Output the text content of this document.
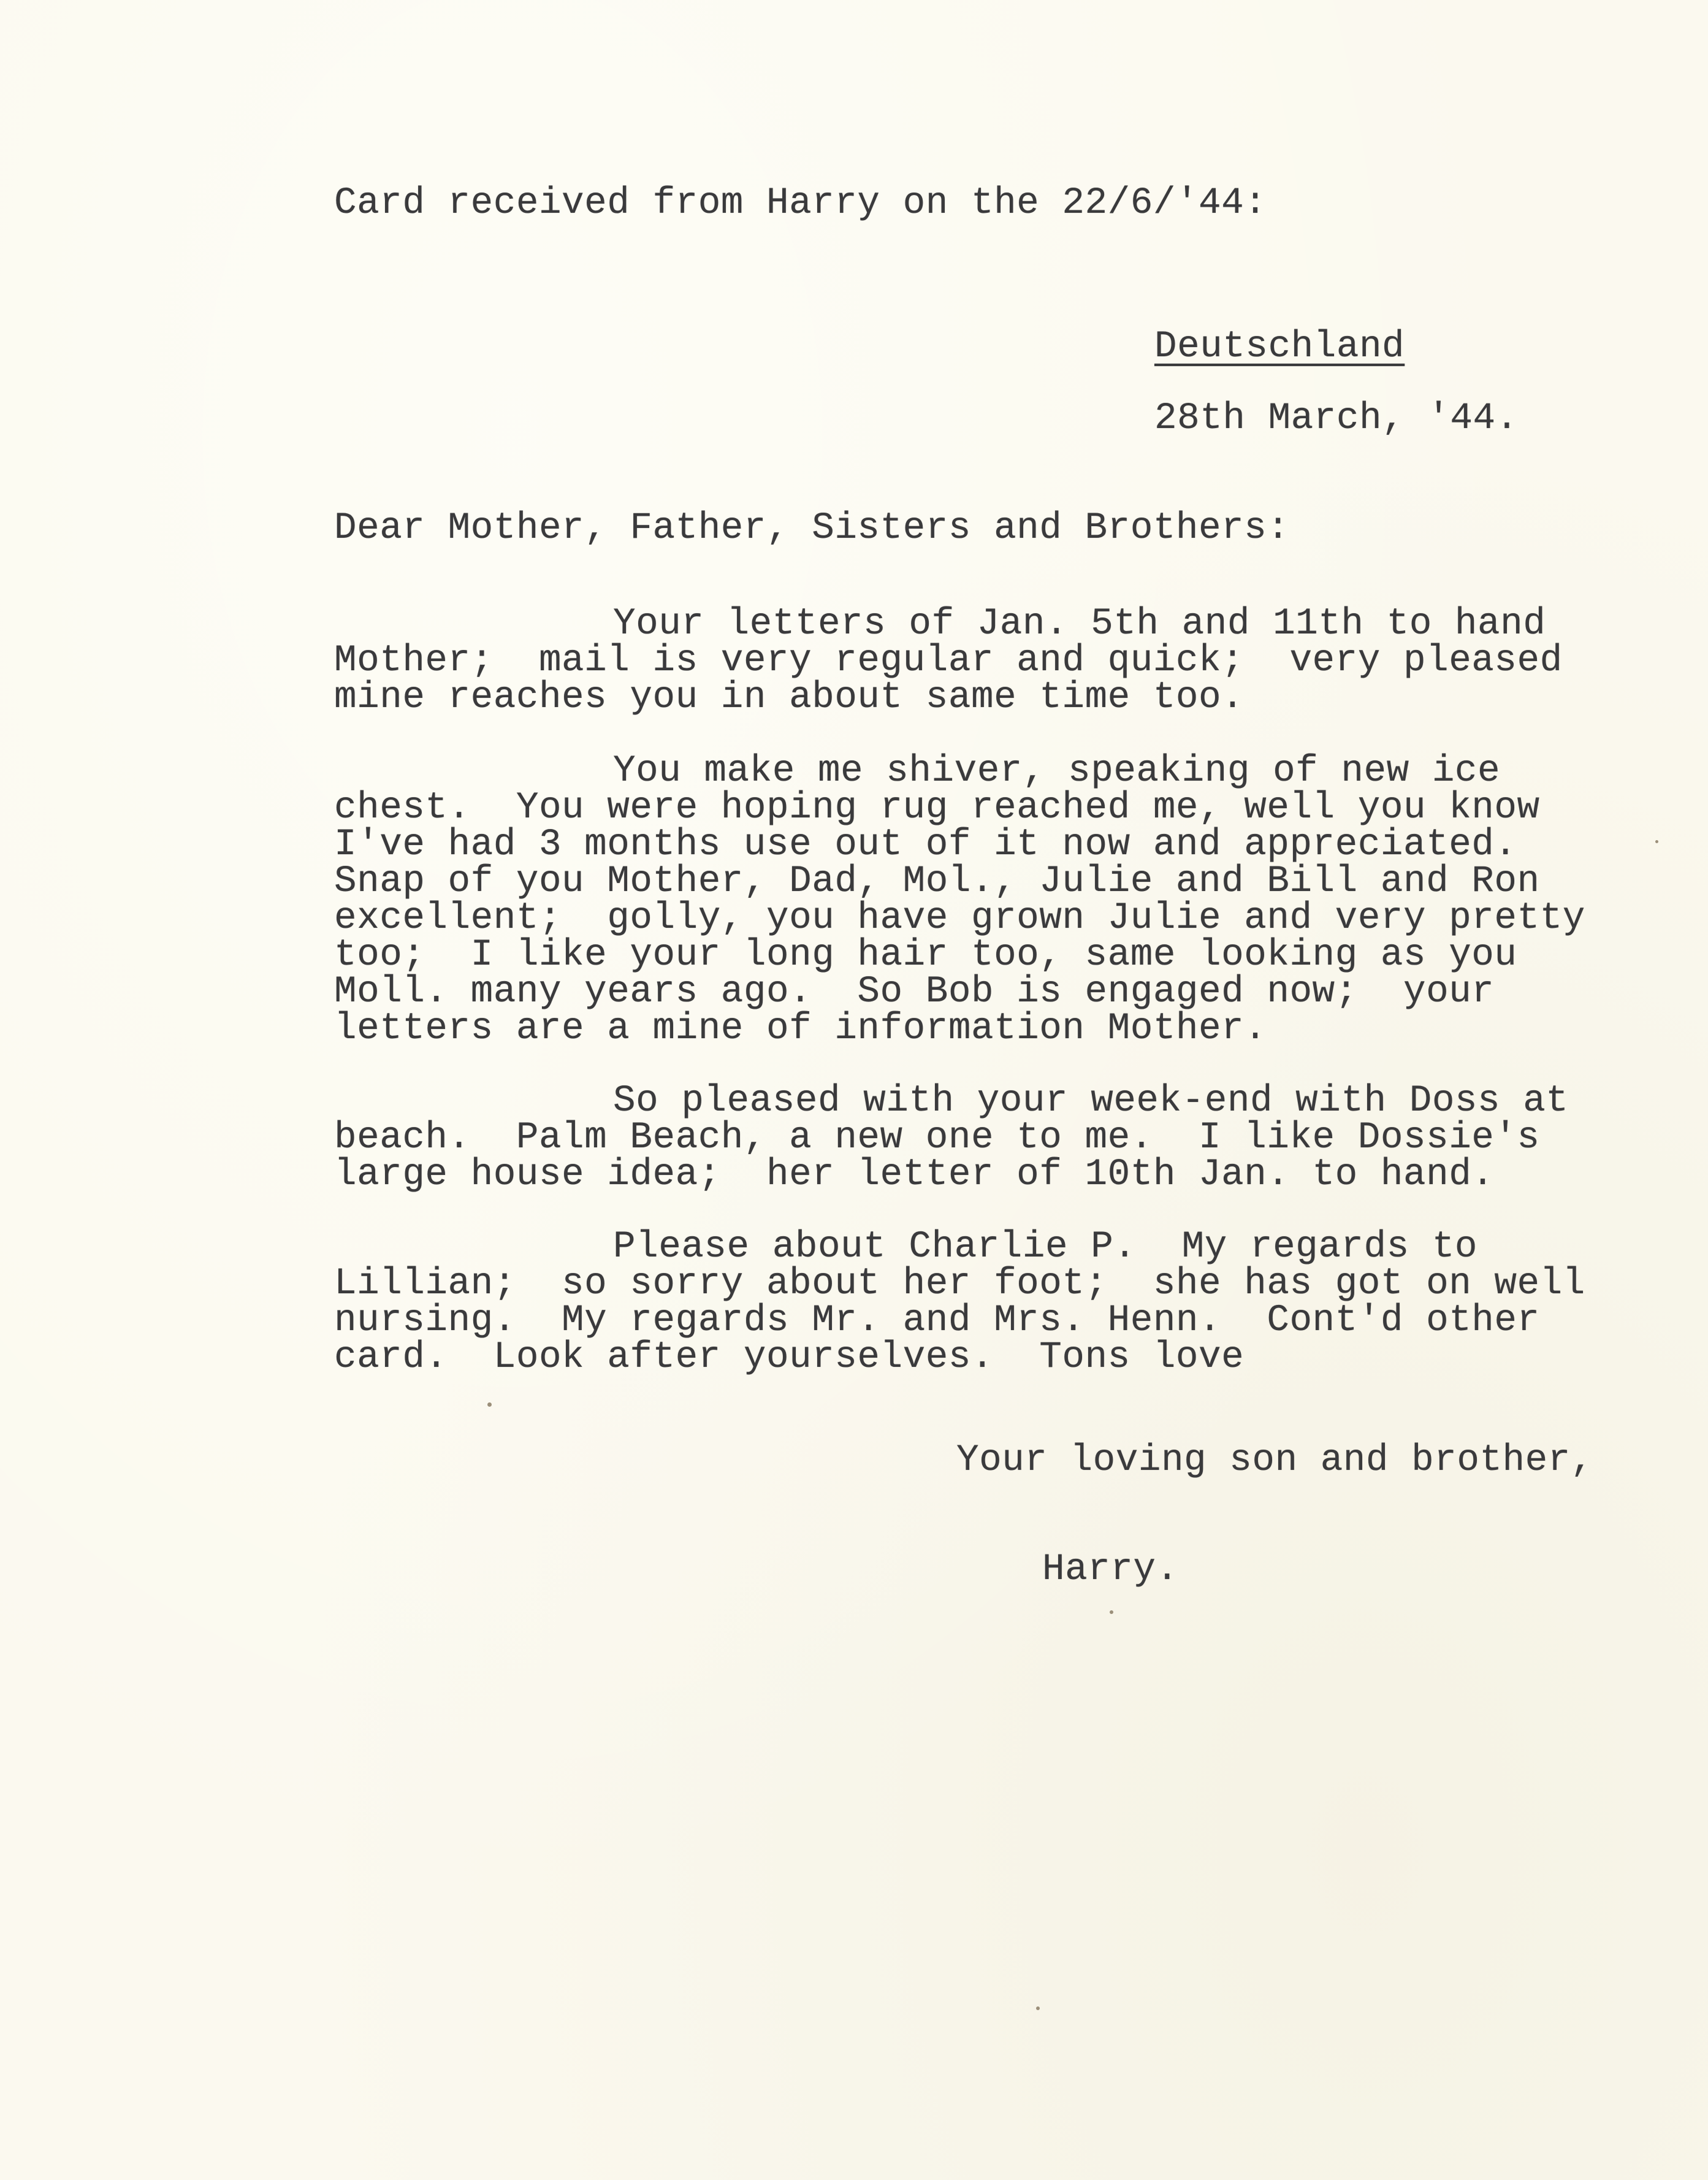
Card received from Harry on the 22/6/'44:
Deutschland
28th March, '44.
Dear Mother, Father, Sisters and Brothers:
Your letters of Jan. 5th and 11th to hand
Mother;  mail is very regular and quick;  very pleased
mine reaches you in about same time too.
You make me shiver, speaking of new ice
chest.  You were hoping rug reached me, well you know
I've had 3 months use out of it now and appreciated.
Snap of you Mother, Dad, Mol., Julie and Bill and Ron
excellent;  golly, you have grown Julie and very pretty
too;  I like your long hair too, same looking as you
Moll. many years ago.  So Bob is engaged now;  your
letters are a mine of information Mother.
So pleased with your week-end with Doss at
beach.  Palm Beach, a new one to me.  I like Dossie's
large house idea;  her letter of 10th Jan. to hand.
Please about Charlie P.  My regards to
Lillian;  so sorry about her foot;  she has got on well
nursing.  My regards Mr. and Mrs. Henn.  Cont'd other
card.  Look after yourselves.  Tons love
Your loving son and brother,
Harry.
